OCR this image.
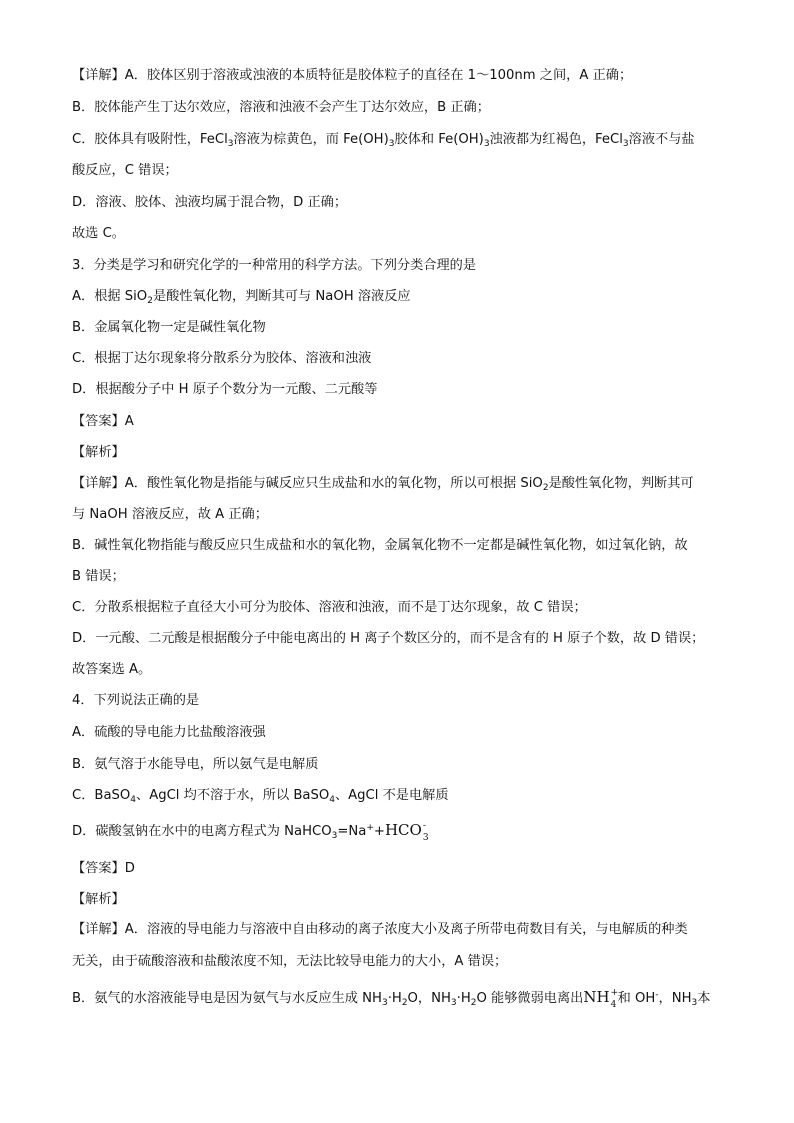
【详解】A．胶体区别于溶液或浊液的本质特征是胶体粒子的直径在 1～100nm 之间，A 正确；
B．胶体能产生丁达尔效应，溶液和浊液不会产生丁达尔效应，B 正确；
C．胶体具有吸附性，FeCl$_3$溶液为棕黄色，而 $Fe(OH)_3$胶体和 $Fe(OH)_3$浊液都为红褐色，FeCl$_3$溶液不与盐
酸反应，C 错误；
D．溶液、胶体、浊液均属于混合物，D 正确；
故选 C。
3．分类是学习和研究化学的一种常用的科学方法。下列分类合理的是
A．根据 SiO$_2$是酸性氧化物，判断其可与 NaOH 溶液反应
B．金属氧化物一定是碱性氧化物
C．根据丁达尔现象将分散系分为胶体、溶液和浊液
D．根据酸分子中 H 原子个数分为一元酸、二元酸等
【答案】A
【解析】
【详解】A．酸性氧化物是指能与碱反应只生成盐和水的氧化物，所以可根据 SiO$_2$是酸性氧化物，判断其可
与 NaOH 溶液反应，故 A 正确；
B．碱性氧化物指能与酸反应只生成盐和水的氧化物，金属氧化物不一定都是碱性氧化物，如过氧化钠，故
B 错误；
C．分散系根据粒子直径大小可分为胶体、溶液和浊液，而不是丁达尔现象，故 C 错误；
D．一元酸、二元酸是根据酸分子中能电离出的 H 离子个数区分的，而不是含有的 H 原子个数，故 D 错误；
故答案选 A。
4．下列说法正确的是
A．硫酸的导电能力比盐酸溶液强
B．氨气溶于水能导电，所以氨气是电解质
C．BaSO$_4$、AgCl 均不溶于水，所以 BaSO$_4$、AgCl 不是电解质
D．碳酸氢钠在水中的电离方程式为 NaHCO$_3$=Na++HCO -
3
【答案】D
【解析】
【详解】A．溶液的导电能力与溶液中自由移动的离子浓度大小及离子所带电荷数目有关，与电解质的种类
无关，由于硫酸溶液和盐酸浓度不知，无法比较导电能力的大小，A 错误；
B．氨气的水溶液能导电是因为氨气与水反应生成 $NH_3\cdot H_2O$，$NH_3\cdot H_2O$ 能够微弱电离出NH +
4 和 OH-，$NH_3$本
